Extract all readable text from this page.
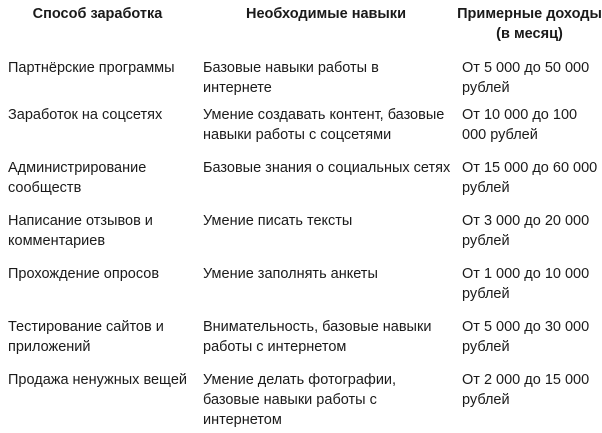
Способ заработка	Необходимые навыки	Примерные доходы (в месяц)
Партнёрские программы	Базовые навыки работы в интернете	От 5 000 до 50 000 рублей
Заработок на соцсетях	Умение создавать контент, базовые навыки работы с соцсетями	От 10 000 до 100 000 рублей
Администрирование сообществ	Базовые знания о социальных сетях	От 15 000 до 60 000 рублей
Написание отзывов и комментариев	Умение писать тексты	От 3 000 до 20 000 рублей
Прохождение опросов	Умение заполнять анкеты	От 1 000 до 10 000 рублей
Тестирование сайтов и приложений	Внимательность, базовые навыки работы с интернетом	От 5 000 до 30 000 рублей
Продажа ненужных вещей	Умение делать фотографии, базовые навыки работы с интернетом	От 2 000 до 15 000 рублей
